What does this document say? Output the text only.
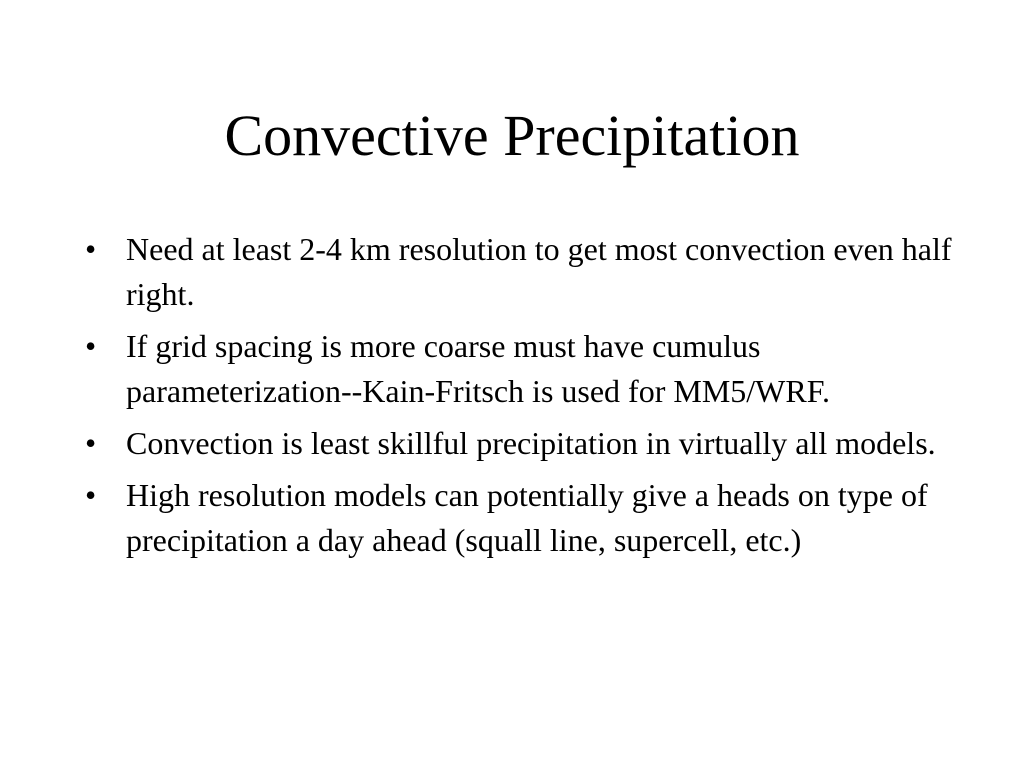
Convective Precipitation
• Need at least 2-4 km resolution to get most convection even half right.
• If grid spacing is more coarse must have cumulus parameterization--Kain-Fritsch is used for MM5/WRF.
• Convection is least skillful precipitation in virtually all models.
• High resolution models can potentially give a heads on type of precipitation a day ahead (squall line, supercell, etc.)
